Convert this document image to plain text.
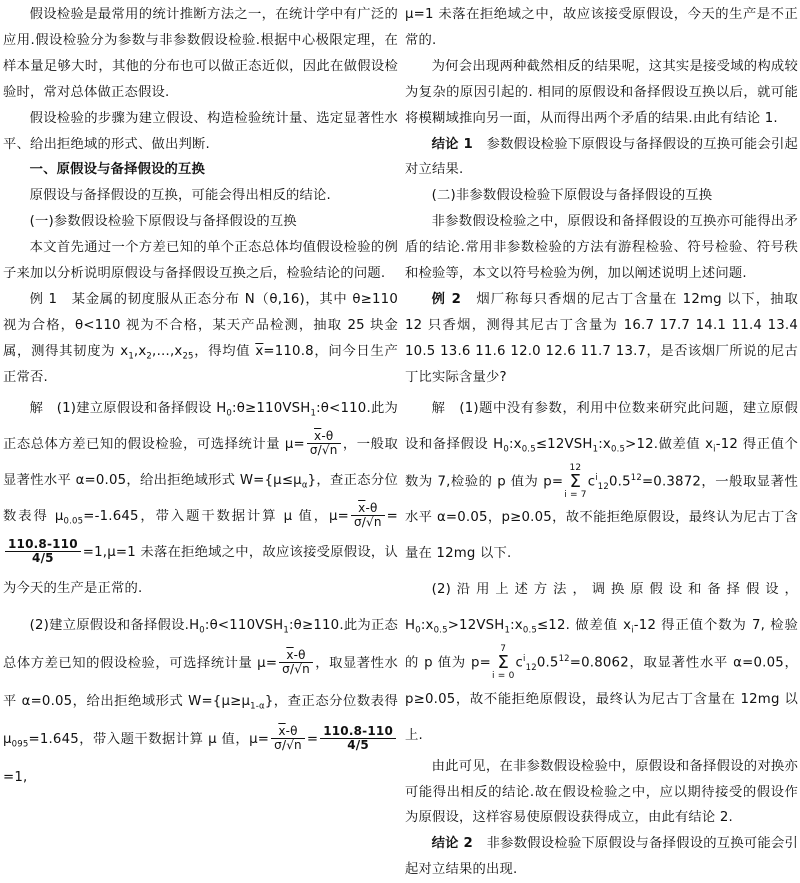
假设检验是最常用的统计推断方法之一，在统计学中有广泛的应用.假设检验分为参数与非参数假设检验.根据中心极限定理，在样本量足够大时，其他的分布也可以做正态近似，因此在做假设检验时，常对总体做正态假设.

假设检验的步骤为建立假设、构造检验统计量、选定显著性水平、给出拒绝域的形式、做出判断.

一、原假设与备择假设的互换

原假设与备择假设的互换，可能会得出相反的结论.

(一)参数假设检验下原假设与备择假设的互换

本文首先通过一个方差已知的单个正态总体均值假设检验的例子来加以分析说明原假设与备择假设互换之后，检验结论的问题.

例 1　某金属的韧度服从正态分布 N（θ,16)，其中 θ≥110 视为合格，θ<110 视为不合格，某天产品检测，抽取 25 块金属，测得其韧度为 $x_1,x_2,\dots,x_{25}$，得均值 $\overline{x}=110.8$，问今日生产正常否.

解　(1)建立原假设和备择假设 $H_0:\theta\ge 110VSH_1:\theta<110$.此为正态总体方差已知的假设检验，可选择统计量 $\mu= \frac{\overline{x}-\theta}{\sigma/√n}$ ，一般取显著性水平 α=0.05，给出拒绝域形式 $W=\{\mu\le\mu_\alpha\}$，查正态分位数表得 $\mu_{0.05}=-1.645$，带入题干数据计算 μ 值，$\mu= \frac{\overline{x}-\theta}{\sigma/√n}$ =
$\frac{110.8-110}{4/5} =1,\mu=1$ 未落在拒绝域之中，故应该接受原假设，认为今天的生产是正常的.

(2)建立原假设和备择假设$.H_0:\theta<110VSH_1:\theta\ge 110$.此为正态总体方差已知的假设检验，可选择统计量 $\mu= \frac{\overline{x}-\theta}{\sigma/√n}$ ，取显著性水平 α=0.05，给出拒绝域形式 $W=\{\mu\ge\mu_{1-\alpha}\}$，查正态分位数表得 $\mu_{095}=1.645$，带入题干数据计算 μ 值，$\mu= \frac{\overline{x}-\theta}{\sigma/√n} = \frac{110.8-110}{4/5}$
=1,

μ=1 未落在拒绝域之中，故应该接受原假设，今天的生产是不正常的.

为何会出现两种截然相反的结果呢，这其实是接受域的构成较为复杂的原因引起的. 相同的原假设和备择假设互换以后，就可能将模糊域推向另一面，从而得出两个矛盾的结果.由此有结论 1.

结论 1　参数假设检验下原假设与备择假设的互换可能会引起对立结果.

(二)非参数假设检验下原假设与备择假设的互换

非参数假设检验之中，原假设和备择假设的互换亦可能得出矛盾的结论.常用非参数检验的方法有游程检验、符号检验、符号秩和检验等，本文以符号检验为例，加以阐述说明上述问题.

例 2　烟厂称每只香烟的尼古丁含量在 12mg 以下，抽取 12 只香烟，测得其尼古丁含量为 16.7 17.7 14.1 11.4 13.4 10.5 13.6 11.6 12.0 12.6 11.7 13.7，是否该烟厂所说的尼古丁比实际含量少?

解　(1)题中没有参数，利用中位数来研究此问题，建立原假设和备择假设 $H_0:x_{0.5}\le 12VSH_1:x_{0.5}>12$.做差值 $x_i-12$ 得正值个数为 7,检验的 p 值为 p=
12
Σ
i = 7
$c^i_{12}0.5^{12}=0.3872$，一般取显著性水平 α=0.05，p≥0.05，故不能拒绝原假设，最终认为尼古丁含量在 12mg 以下.

(2)沿用上述方法，调换原假设和备择假设，$H_0:x_{0.5}>12VSH_1:x_{0.5}\le 12$. 做差值 $x_i-12$ 得正值个数为 7, 检验的 p 值为 p=
7
Σ
i = 0
$c^i_{12}0.5^{12}=0.8062$，取显著性水平 α=0.05，p≥0.05，故不能拒绝原假设，最终认为尼古丁含量在 12mg 以上.

由此可见，在非参数假设检验中，原假设和备择假设的对换亦可能得出相反的结论.故在假设检验之中，应以期待接受的假设作为原假设，这样容易使原假设获得成立，由此有结论 2.

结论 2　非参数假设检验下原假设与备择假设的互换可能会引起对立结果的出现.
